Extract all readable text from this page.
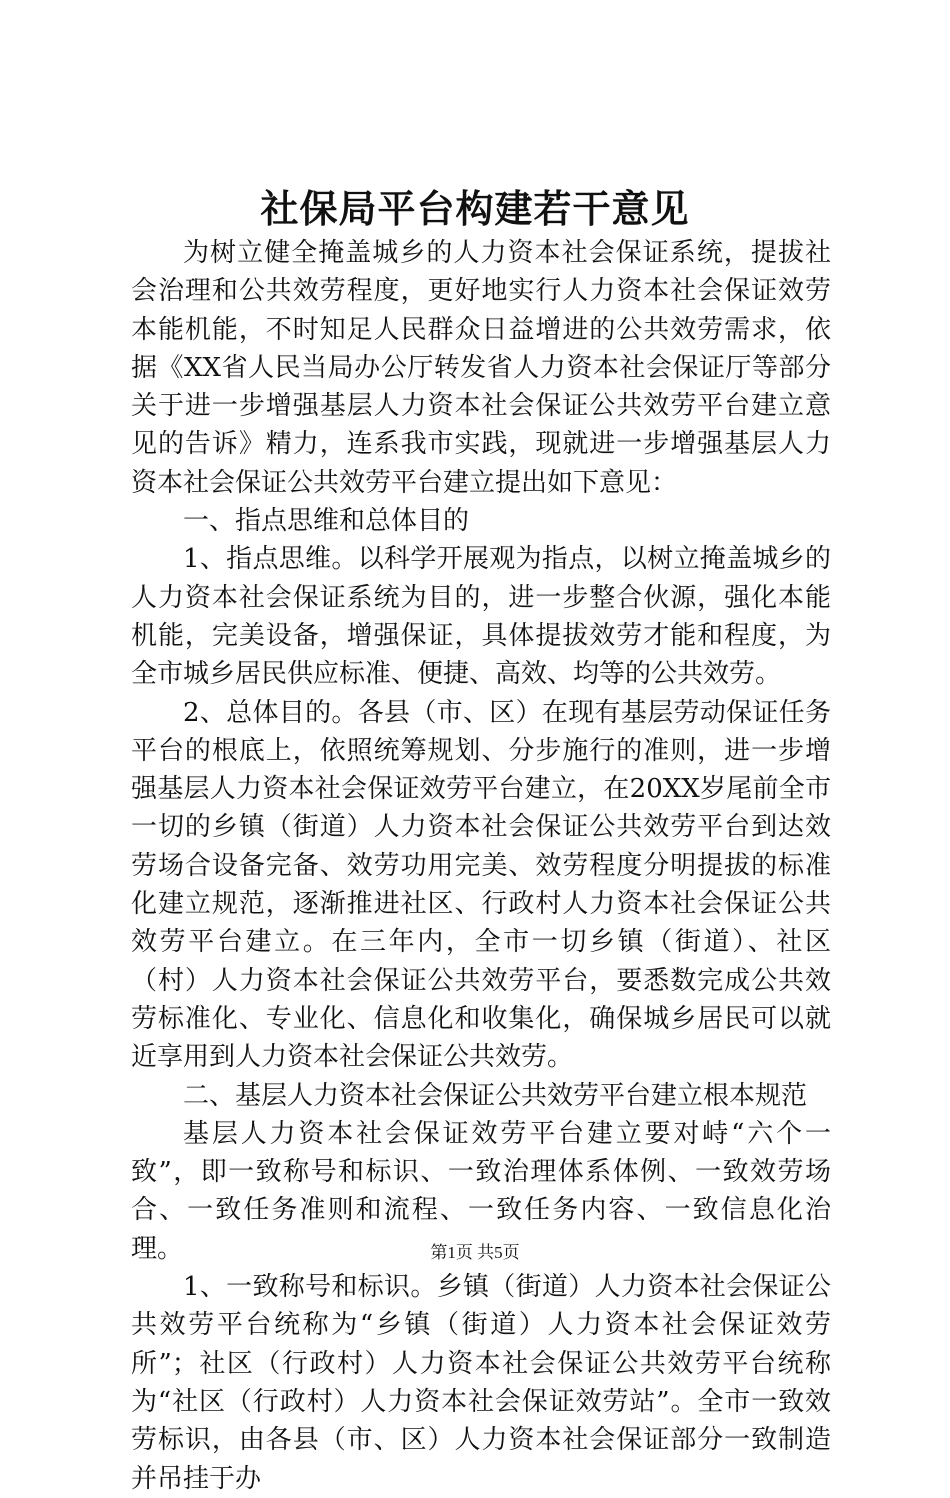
社保局平台构建若干意见

为树立健全掩盖城乡的人力资本社会保证系统，提拔社会治理和公共效劳程度，更好地实行人力资本社会保证效劳本能机能，不时知足人民群众日益增进的公共效劳需求，依据《XX省人民当局办公厅转发省人力资本社会保证厅等部分关于进一步增强基层人力资本社会保证公共效劳平台建立意见的告诉》精力，连系我市实践，现就进一步增强基层人力资本社会保证公共效劳平台建立提出如下意见：

一、指点思维和总体目的

1、指点思维。以科学开展观为指点，以树立掩盖城乡的人力资本社会保证系统为目的，进一步整合伙源，强化本能机能，完美设备，增强保证，具体提拔效劳才能和程度，为全市城乡居民供应标准、便捷、高效、均等的公共效劳。

2、总体目的。各县（市、区）在现有基层劳动保证任务平台的根底上，依照统筹规划、分步施行的准则，进一步增强基层人力资本社会保证效劳平台建立，在20XX岁尾前全市一切的乡镇（街道）人力资本社会保证公共效劳平台到达效劳场合设备完备、效劳功用完美、效劳程度分明提拔的标准化建立规范，逐渐推进社区、行政村人力资本社会保证公共效劳平台建立。在三年内，全市一切乡镇（街道）、社区（村）人力资本社会保证公共效劳平台，要悉数完成公共效劳标准化、专业化、信息化和收集化，确保城乡居民可以就近享用到人力资本社会保证公共效劳。

二、基层人力资本社会保证公共效劳平台建立根本规范

基层人力资本社会保证效劳平台建立要对峙“六个一致”，即一致称号和标识、一致治理体系体例、一致效劳场合、一致任务准则和流程、一致任务内容、一致信息化治理。

1、一致称号和标识。乡镇（街道）人力资本社会保证公共效劳平台统称为“乡镇（街道）人力资本社会保证效劳所”；社区（行政村）人力资本社会保证公共效劳平台统称为“社区（行政村）人力资本社会保证效劳站”。全市一致效劳标识，由各县（市、区）人力资本社会保证部分一致制造并吊挂于办

第1页 共5页
